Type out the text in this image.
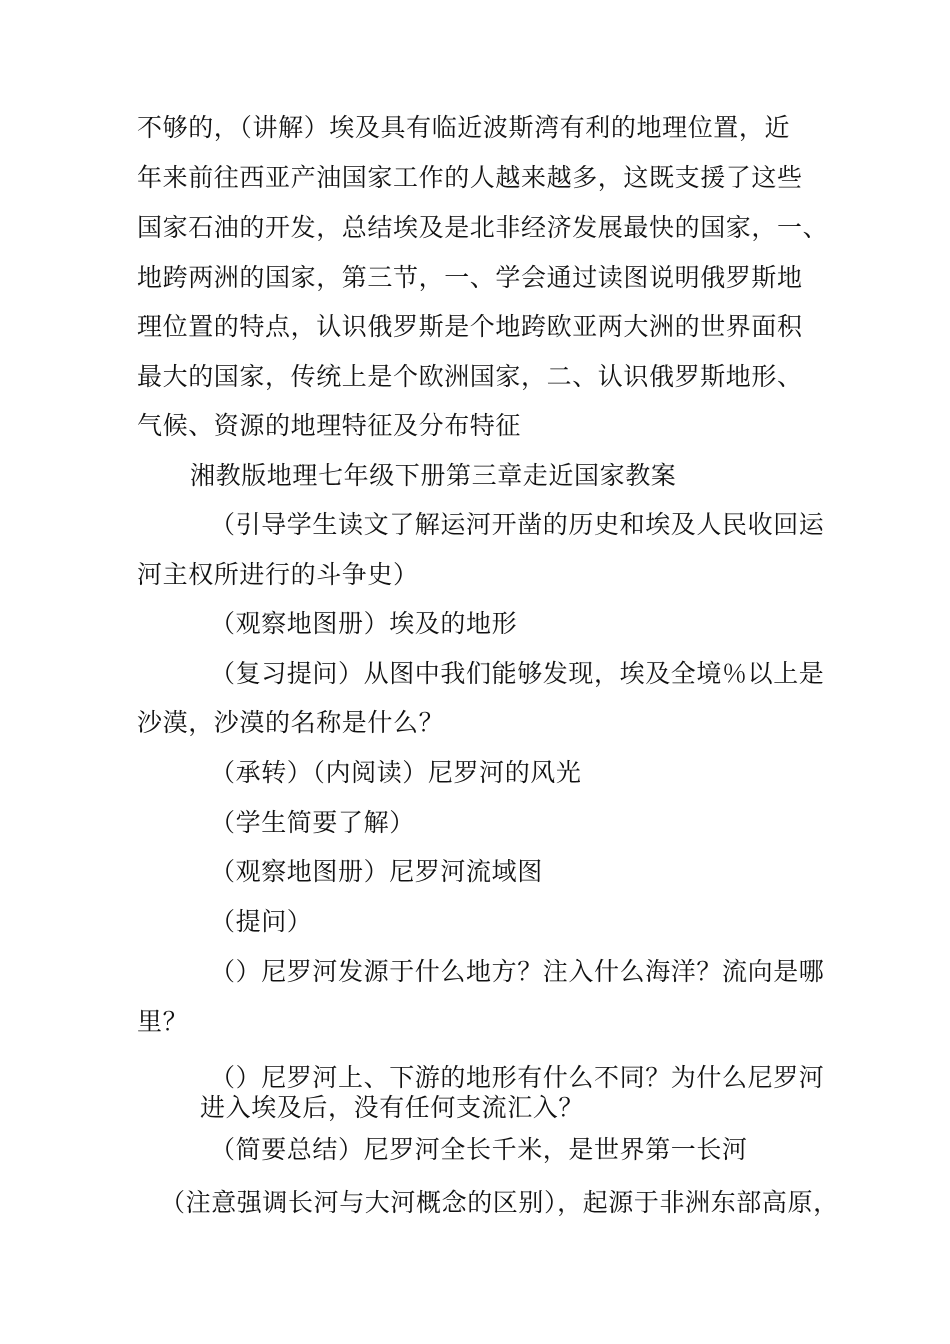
不够的，（讲解）埃及具有临近波斯湾有利的地理位置，近
年来前往西亚产油国家工作的人越来越多，这既支援了这些
国家石油的开发，总结埃及是北非经济发展最快的国家，一、
地跨两洲的国家，第三节，一、学会通过读图说明俄罗斯地
理位置的特点，认识俄罗斯是个地跨欧亚两大洲的世界面积
最大的国家，传统上是个欧洲国家，二、认识俄罗斯地形、
气候、资源的地理特征及分布特征
湘教版地理七年级下册第三章走近国家教案
（引导学生读文了解运河开凿的历史和埃及人民收回运
河主权所进行的斗争史）
（观察地图册）埃及的地形
（复习提问）从图中我们能够发现，埃及全境％以上是
沙漠，沙漠的名称是什么？
（承转）（内阅读）尼罗河的风光
（学生简要了解）
（观察地图册）尼罗河流域图
（提问）
（）尼罗河发源于什么地方？注入什么海洋？流向是哪
里？
（）尼罗河上、下游的地形有什么不同？为什么尼罗河
进入埃及后，没有任何支流汇入？
（简要总结）尼罗河全长千米，是世界第一长河
（注意强调长河与大河概念的区别），起源于非洲东部高原，
